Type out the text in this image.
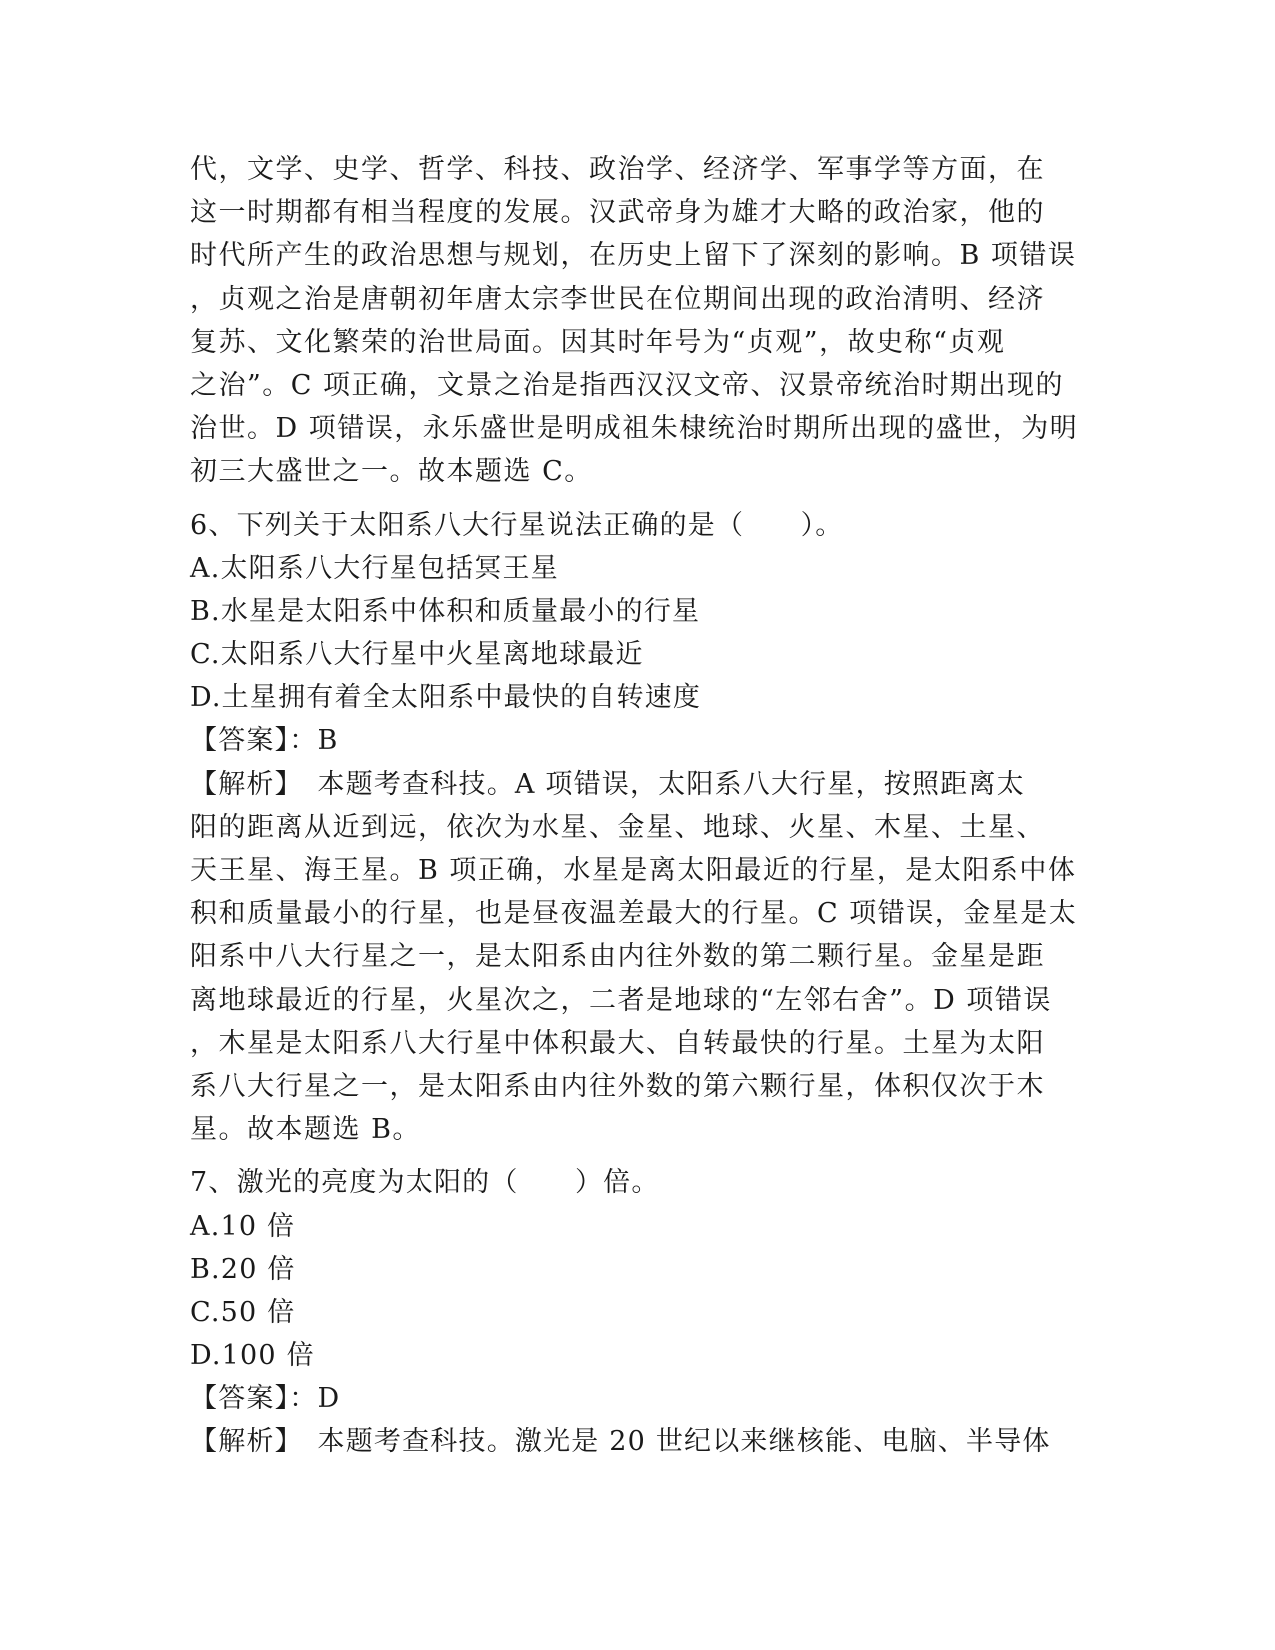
代，文学、史学、哲学、科技、政治学、经济学、军事学等方面，在
这一时期都有相当程度的发展。汉武帝身为雄才大略的政治家，他的
时代所产生的政治思想与规划，在历史上留下了深刻的影响。B 项错误
，贞观之治是唐朝初年唐太宗李世民在位期间出现的政治清明、经济
复苏、文化繁荣的治世局面。因其时年号为“贞观”，故史称“贞观
之治”。C 项正确，文景之治是指西汉汉文帝、汉景帝统治时期出现的
治世。D 项错误，永乐盛世是明成祖朱棣统治时期所出现的盛世，为明
初三大盛世之一。故本题选 C。
6、下列关于太阳系八大行星说法正确的是（　　）。
A.太阳系八大行星包括冥王星
B.水星是太阳系中体积和质量最小的行星
C.太阳系八大行星中火星离地球最近
D.土星拥有着全太阳系中最快的自转速度
【答案】：B
【解析】　本题考查科技。A 项错误，太阳系八大行星，按照距离太
阳的距离从近到远，依次为水星、金星、地球、火星、木星、土星、
天王星、海王星。B 项正确，水星是离太阳最近的行星，是太阳系中体
积和质量最小的行星，也是昼夜温差最大的行星。C 项错误，金星是太
阳系中八大行星之一，是太阳系由内往外数的第二颗行星。金星是距
离地球最近的行星，火星次之，二者是地球的“左邻右舍”。D 项错误
，木星是太阳系八大行星中体积最大、自转最快的行星。土星为太阳
系八大行星之一，是太阳系由内往外数的第六颗行星，体积仅次于木
星。故本题选 B。
7、激光的亮度为太阳的（　　）倍。
A.10 倍
B.20 倍
C.50 倍
D.100 倍
【答案】：D
【解析】　本题考查科技。激光是 20 世纪以来继核能、电脑、半导体
